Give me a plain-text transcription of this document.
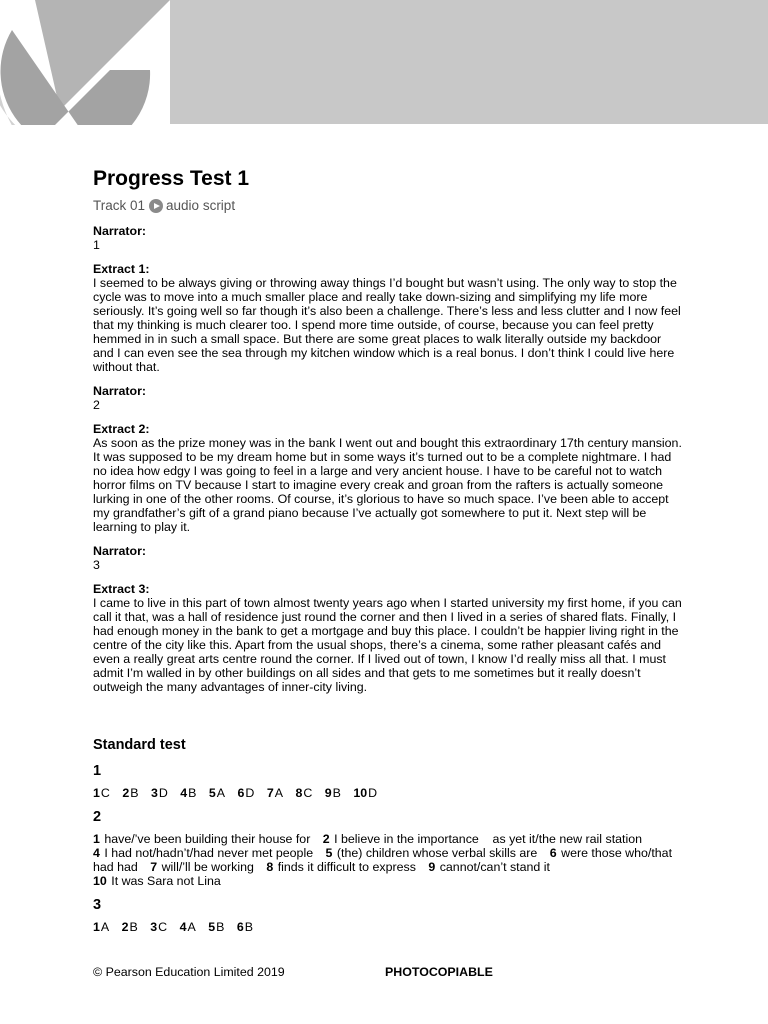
Progress Test 1
Track 01 audio script
Narrator:
1
Extract 1:
I seemed to be always giving or throwing away things I’d bought but wasn’t using. The only way to stop the cycle was to move into a much smaller place and really take down-sizing and simplifying my life more seriously. It’s going well so far though it’s also been a challenge. There’s less and less clutter and I now feel that my thinking is much clearer too. I spend more time outside, of course, because you can feel pretty hemmed in in such a small space. But there are some great places to walk literally outside my backdoor and I can even see the sea through my kitchen window which is a real bonus. I don’t think I could live here without that.
Narrator:
2
Extract 2:
As soon as the prize money was in the bank I went out and bought this extraordinary 17th century mansion. It was supposed to be my dream home but in some ways it’s turned out to be a complete nightmare. I had no idea how edgy I was going to feel in a large and very ancient house. I have to be careful not to watch horror films on TV because I start to imagine every creak and groan from the rafters is actually someone lurking in one of the other rooms. Of course, it’s glorious to have so much space. I’ve been able to accept my grandfather’s gift of a grand piano because I’ve actually got somewhere to put it. Next step will be learning to play it.
Narrator:
3
Extract 3:
I came to live in this part of town almost twenty years ago when I started university my first home, if you can call it that, was a hall of residence just round the corner and then I lived in a series of shared flats. Finally, I had enough money in the bank to get a mortgage and buy this place. I couldn’t be happier living right in the centre of the city like this. Apart from the usual shops, there’s a cinema, some rather pleasant cafés and even a really great arts centre round the corner. If I lived out of town, I know I’d really miss all that. I must admit I’m walled in by other buildings on all sides and that gets to me sometimes but it really doesn’t outweigh the many advantages of inner-city living.
Standard test
1
1C 2B 3D 4B 5A 6D 7A 8C 9B 10D
2
1 have/’ve been building their house for 2 I believe in the importance    as yet it/the new rail station
4 I had not/hadn’t/had never met people 5 (the) children whose verbal skills are 6 were those who/that had had 7 will/’ll be working 8 finds it difficult to express 9 cannot/can’t stand it
10 It was Sara not Lina
3
1A 2B 3C 4A 5B 6B
© Pearson Education Limited 2019	PHOTOCOPIABLE
